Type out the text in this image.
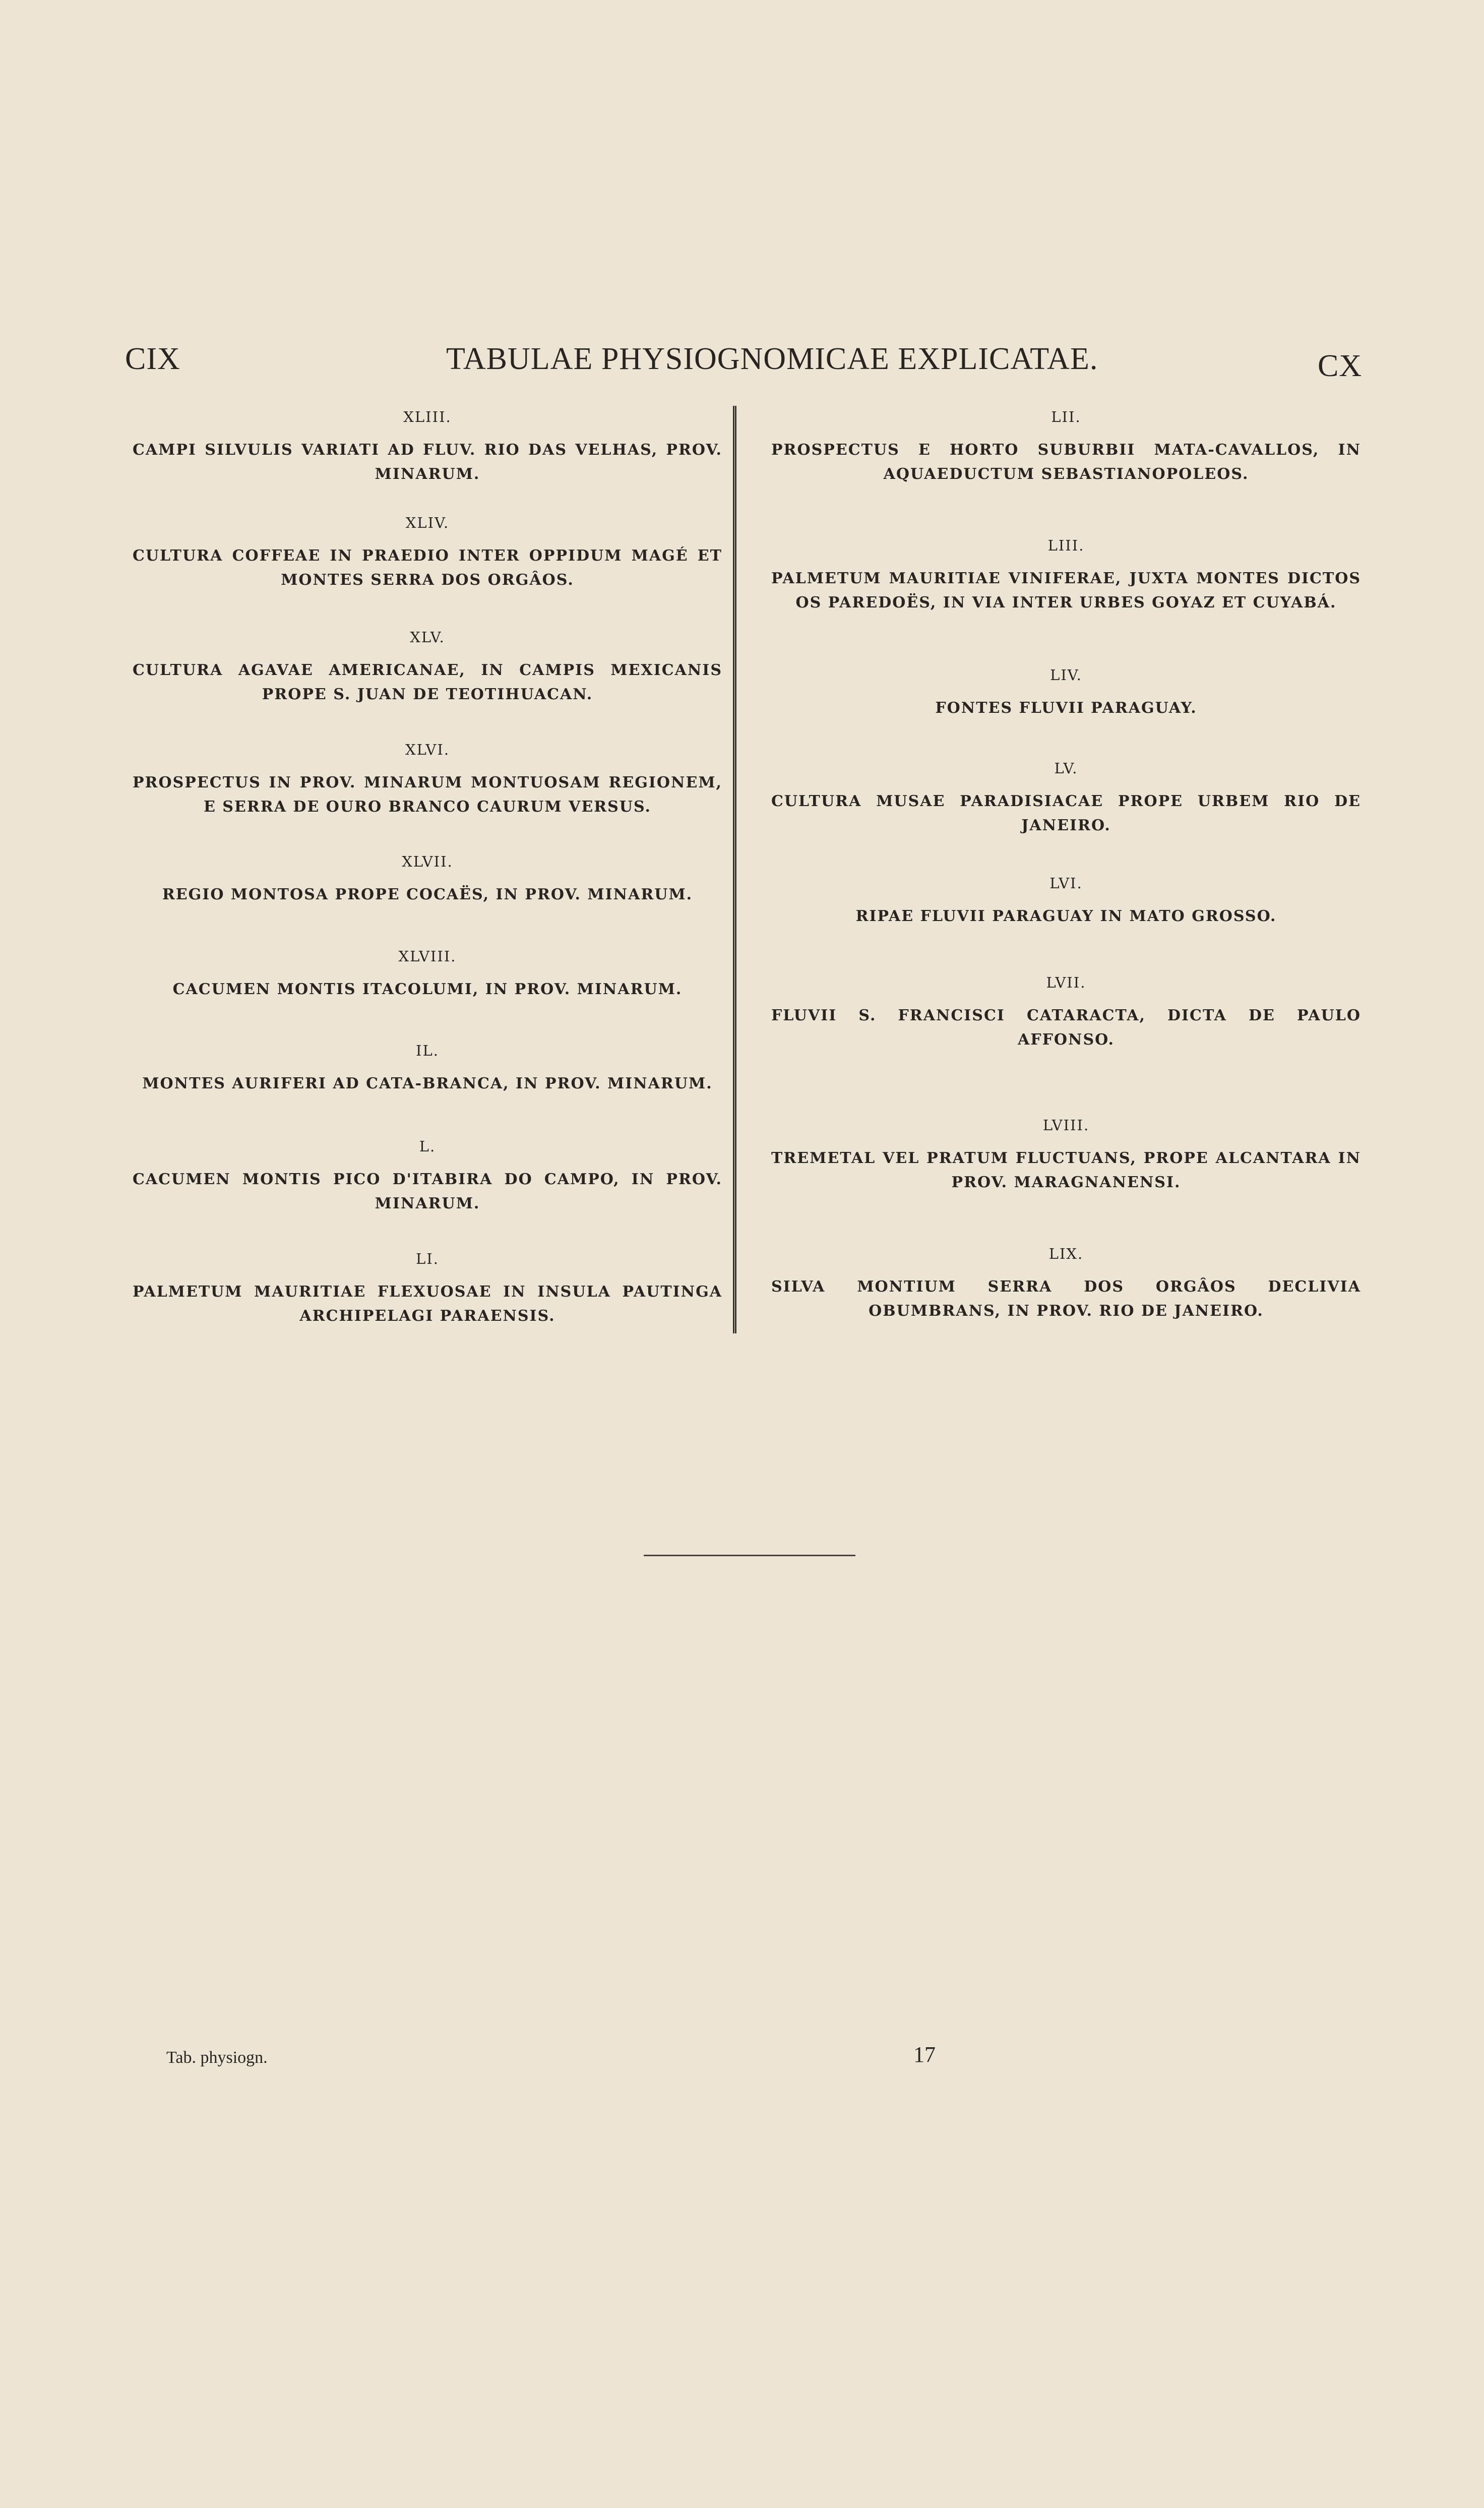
CIX	TABULAE PHYSIOGNOMICAE EXPLICATAE.	CX
XLIII.
CAMPI SILVULIS VARIATI AD FLUV. RIO DAS VELHAS, PROV. MINARUM.
XLIV.
CULTURA COFFEAE IN PRAEDIO INTER OPPIDUM MAGÉ ET MONTES SERRA DOS ORGÂOS.
XLV.
CULTURA AGAVAE AMERICANAE, IN CAMPIS MEXICANIS PROPE S. JUAN DE TEOTIHUACAN.
XLVI.
PROSPECTUS IN PROV. MINARUM MONTUOSAM REGIONEM, E SERRA DE OURO BRANCO CAURUM VERSUS.
XLVII.
REGIO MONTOSA PROPE COCAËS, IN PROV. MINARUM.
XLVIII.
CACUMEN MONTIS ITACOLUMI, IN PROV. MINARUM.
IL.
MONTES AURIFERI AD CATA-BRANCA, IN PROV. MINARUM.
L.
CACUMEN MONTIS PICO D'ITABIRA DO CAMPO, IN PROV. MINARUM.
LI.
PALMETUM MAURITIAE FLEXUOSAE IN INSULA PAUTINGA ARCHIPELAGI PARAENSIS.
LII.
PROSPECTUS E HORTO SUBURBII MATA-CAVALLOS, IN AQUAEDUCTUM SEBASTIANOPOLEOS.
LIII.
PALMETUM MAURITIAE VINIFERAE, JUXTA MONTES DICTOS OS PAREDOËS, IN VIA INTER URBES GOYAZ ET CUYABÁ.
LIV.
FONTES FLUVII PARAGUAY.
LV.
CULTURA MUSAE PARADISIACAE PROPE URBEM RIO DE JANEIRO.
LVI.
RIPAE FLUVII PARAGUAY IN MATO GROSSO.
LVII.
FLUVII S. FRANCISCI CATARACTA, DICTA DE PAULO AFFONSO.
LVIII.
TREMETAL VEL PRATUM FLUCTUANS, PROPE ALCANTARA IN PROV. MARAGNANENSI.
LIX.
SILVA MONTIUM SERRA DOS ORGÂOS DECLIVIA OBUMBRANS, IN PROV. RIO DE JANEIRO.
Tab. physiogn.	17
